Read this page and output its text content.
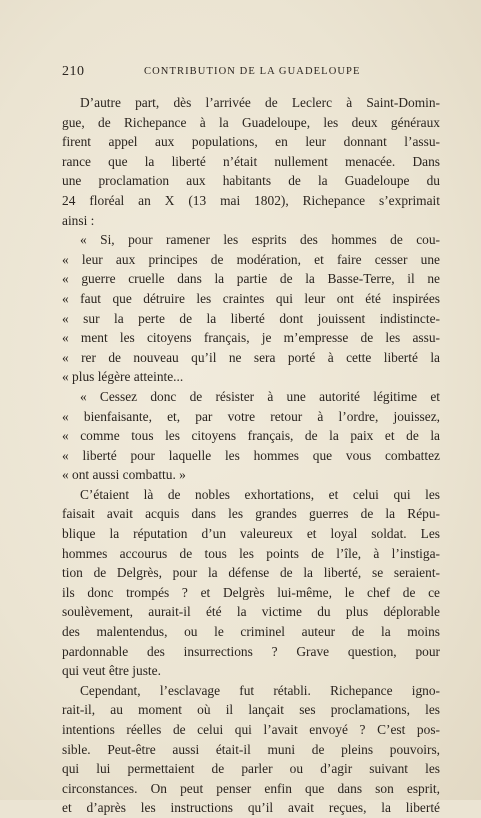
210	CONTRIBUTION DE LA GUADELOUPE
D’autre part, dès l’arrivée de Leclerc à Saint-Domin-
gue, de Richepance à la Guadeloupe, les deux généraux
firent appel aux populations, en leur donnant l’assu-
rance que la liberté n’était nullement menacée. Dans
une proclamation aux habitants de la Guadeloupe du
24 floréal an X (13 mai 1802), Richepance s’exprimait
ainsi :
« Si, pour ramener les esprits des hommes de cou-
« leur aux principes de modération, et faire cesser une
« guerre cruelle dans la partie de la Basse-Terre, il ne
« faut que détruire les craintes qui leur ont été inspirées
« sur la perte de la liberté dont jouissent indistincte-
« ment les citoyens français, je m’empresse de les assu-
« rer de nouveau qu’il ne sera porté à cette liberté la
« plus légère atteinte...
« Cessez donc de résister à une autorité légitime et
« bienfaisante, et, par votre retour à l’ordre, jouissez,
« comme tous les citoyens français, de la paix et de la
« liberté pour laquelle les hommes que vous combattez
« ont aussi combattu. »
C’étaient là de nobles exhortations, et celui qui les
faisait avait acquis dans les grandes guerres de la Répu-
blique la réputation d’un valeureux et loyal soldat. Les
hommes accourus de tous les points de l’île, à l’instiga-
tion de Delgrès, pour la défense de la liberté, se seraient-
ils donc trompés ? et Delgrès lui-même, le chef de ce
soulèvement, aurait-il été la victime du plus déplorable
des malentendus, ou le criminel auteur de la moins
pardonnable des insurrections ? Grave question, pour
qui veut être juste.
Cependant, l’esclavage fut rétabli. Richepance igno-
rait-il, au moment où il lançait ses proclamations, les
intentions réelles de celui qui l’avait envoyé ? C’est pos-
sible. Peut-être aussi était-il muni de pleins pouvoirs,
qui lui permettaient de parler ou d’agir suivant les
circonstances. On peut penser enfin que dans son esprit,
et d’après les instructions qu’il avait reçues, la liberté
